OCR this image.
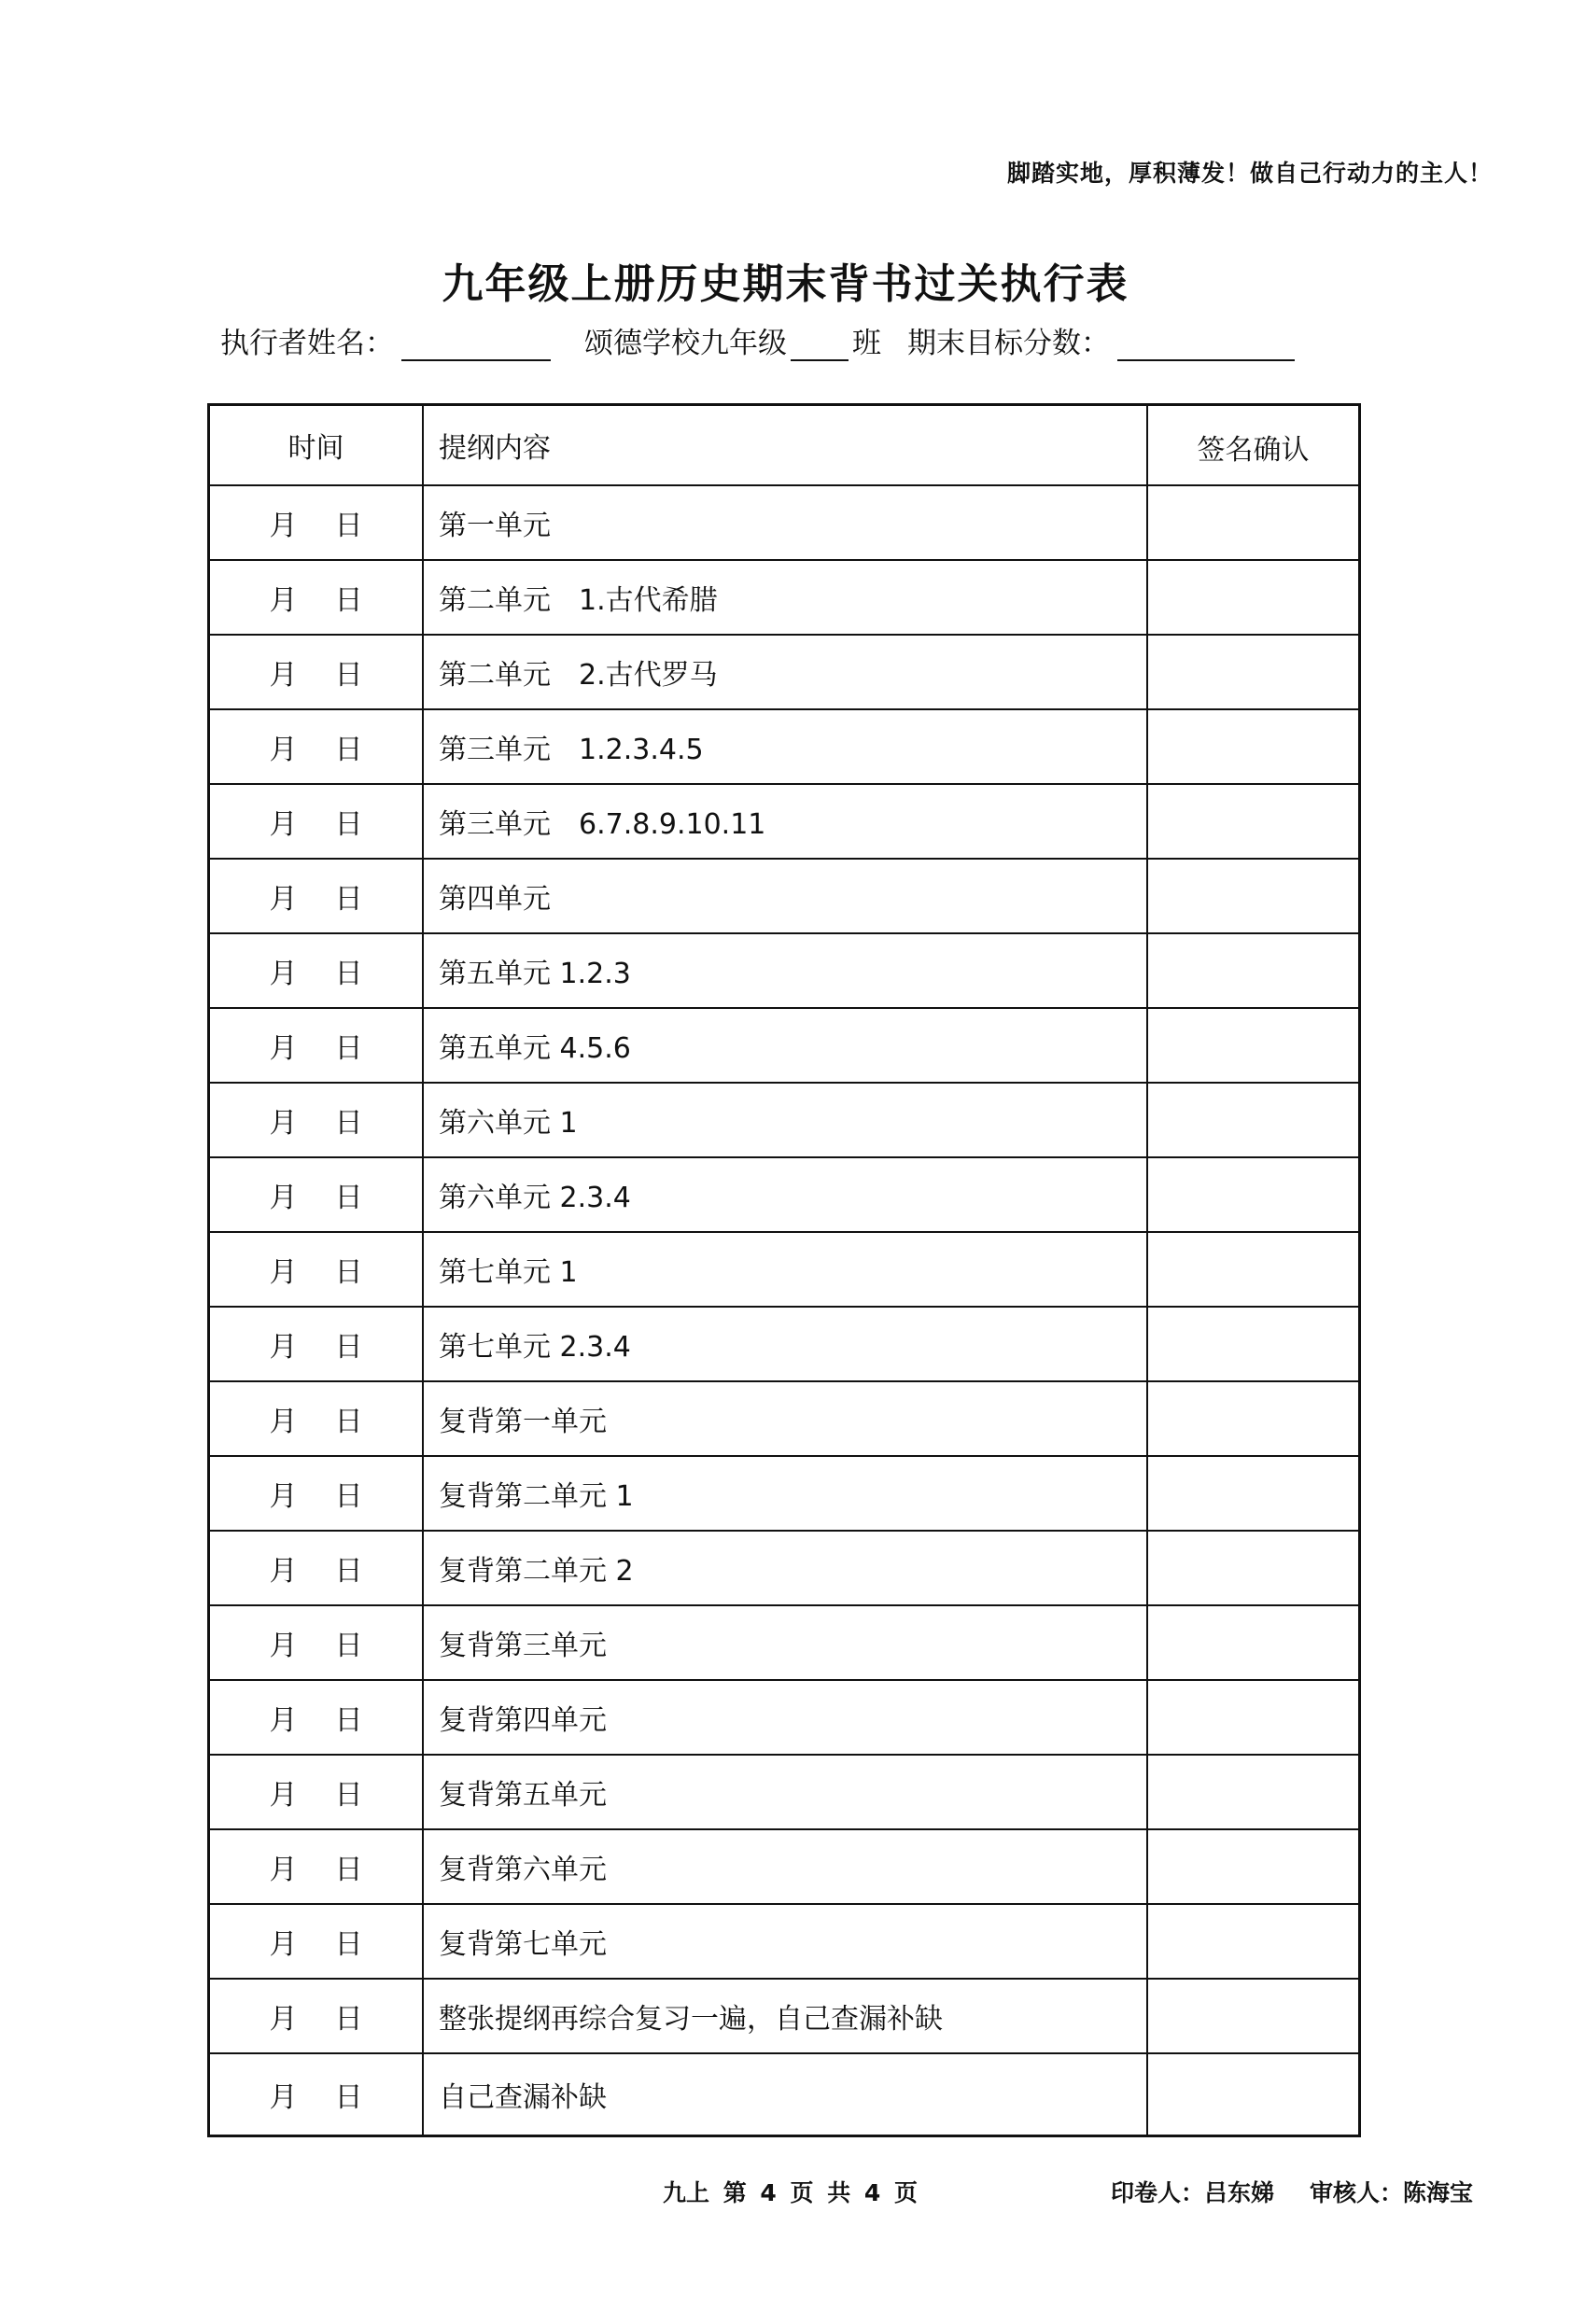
脚踏实地，厚积薄发！做自己行动力的主人！
九年级上册历史期末背书过关执行表
执行者姓名：	颂德学校九年级 班 期末目标分数：
时间	提纲内容	签名确认
月 日	第一单元	
月 日	第二单元　1.古代希腊	
月 日	第二单元　2.古代罗马	
月 日	第三单元　1.2.3.4.5	
月 日	第三单元　6.7.8.9.10.11	
月 日	第四单元	
月 日	第五单元 1.2.3	
月 日	第五单元 4.5.6	
月 日	第六单元 1	
月 日	第六单元 2.3.4	
月 日	第七单元 1	
月 日	第七单元 2.3.4	
月 日	复背第一单元	
月 日	复背第二单元 1	
月 日	复背第二单元 2	
月 日	复背第三单元	
月 日	复背第四单元	
月 日	复背第五单元	
月 日	复背第六单元	
月 日	复背第七单元	
月 日	整张提纲再综合复习一遍，自己查漏补缺	
月 日	自己查漏补缺	
九上 第 4 页 共 4 页	印卷人：吕东娣 审核人：陈海宝
